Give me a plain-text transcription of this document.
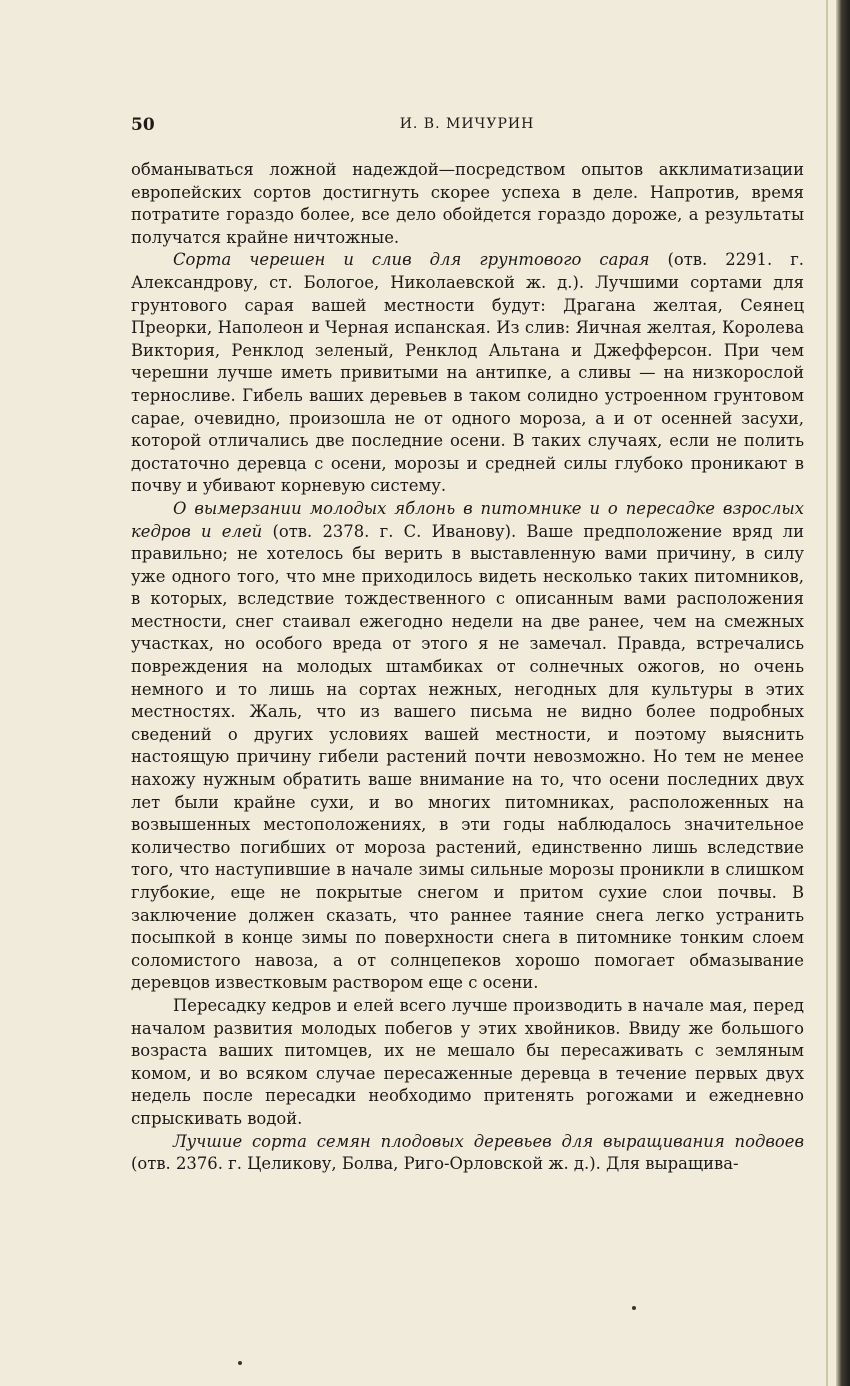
50	И. В. МИЧУРИН

обманываться ложной надеждой—посредством опытов акклиматизации европейских сортов достигнуть скорее успеха в деле. Напротив, время потратите гораздо более, все дело обойдется гораздо дороже, а результаты получатся крайне ничтожные.

Сорта черешен и слив для грунтового сарая (отв. 2291. г. Александрову, ст. Бологое, Николаевской ж. д.). Лучшими сортами для грунтового сарая вашей местности будут: Драгана желтая, Сеянец Преорки, Наполеон и Черная испанская. Из слив: Яичная желтая, Королева Виктория, Ренклод зеленый, Ренклод Альтана и Джефферсон. При чем черешни лучше иметь привитыми на антипке, а сливы — на низкорослой терносливе. Гибель ваших деревьев в таком солидно устроенном грунтовом сарае, очевидно, произошла не от одного мороза, а и от осенней засухи, которой отличались две последние осени. В таких случаях, если не полить достаточно деревца с осени, морозы и средней силы глубоко проникают в почву и убивают корневую систему.

О вымерзании молодых яблонь в питомнике и о пересадке взрослых кедров и елей (отв. 2378. г. С. Иванову). Ваше предположение вряд ли правильно; не хотелось бы верить в выставленную вами причину, в силу уже одного того, что мне приходилось видеть несколько таких питомников, в которых, вследствие тождественного с описанным вами расположения местности, снег стаивал ежегодно недели на две ранее, чем на смежных участках, но особого вреда от этого я не замечал. Правда, встречались повреждения на молодых штамбиках от солнечных ожогов, но очень немного и то лишь на сортах нежных, негодных для культуры в этих местностях. Жаль, что из вашего письма не видно более подробных сведений о других условиях вашей местности, и поэтому выяснить настоящую причину гибели растений почти невозможно. Но тем не менее нахожу нужным обратить ваше внимание на то, что осени последних двух лет были крайне сухи, и во многих питомниках, расположенных на возвышенных местоположениях, в эти годы наблюдалось значительное количество погибших от мороза растений, единственно лишь вследствие того, что наступившие в начале зимы сильные морозы проникли в слишком глубокие, еще не покрытые снегом и притом сухие слои почвы. В заключение должен сказать, что раннее таяние снега легко устранить посыпкой в конце зимы по поверхности снега в питомнике тонким слоем соломистого навоза, а от солнцепеков хорошо помогает обмазывание деревцов известковым раствором еще с осени.

Пересадку кедров и елей всего лучше производить в начале мая, перед началом развития молодых побегов у этих хвойников. Ввиду же большого возраста ваших питомцев, их не мешало бы пересаживать с земляным комом, и во всяком случае пересаженные деревца в течение первых двух недель после пересадки необходимо притенять рогожами и ежедневно спрыскивать водой.

Лучшие сорта семян плодовых деревьев для выращивания подвоев (отв. 2376. г. Целикову, Болва, Риго-Орловской ж. д.). Для выращива-
